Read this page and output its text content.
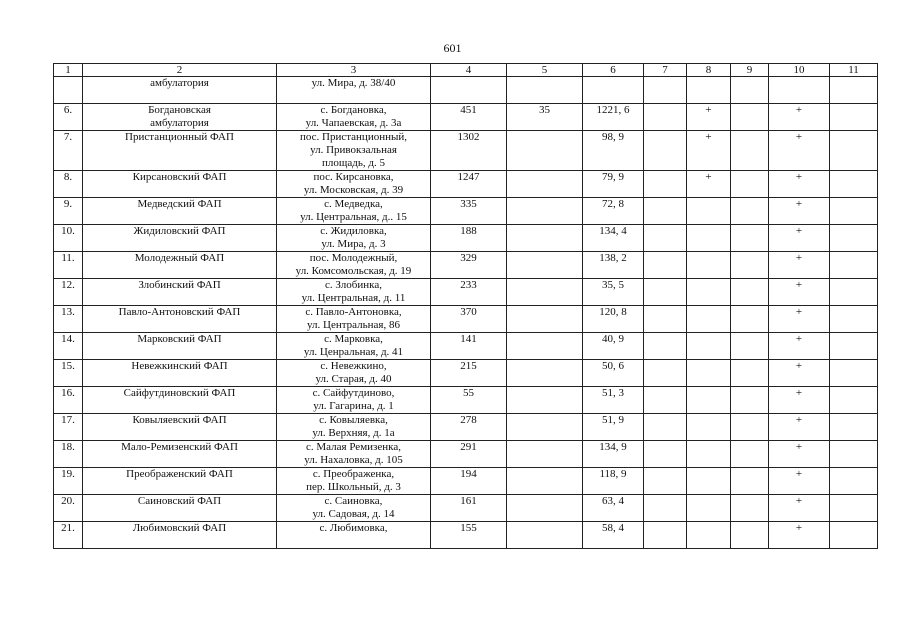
601
1	2	3	4	5	6	7	8	9	10	11

	амбулатория	ул. Мира, д. 38/40								

6.	Богдановская
амбулатория	с. Богдановка,
ул. Чапаевская, д. 3а	451	35	1221, 6		+		+	
7.	Пристанционный ФАП	пос. Пристанционный,
ул. Привокзальная
площадь, д. 5	1302		98, 9		+		+	
8.	Кирсановский ФАП	пос. Кирсановка,
ул. Московская, д. 39	1247		79, 9		+		+	
9.	Медведский ФАП	с. Медведка,
ул. Центральная, д.. 15	335		72, 8				+	
10.	Жидиловский ФАП	с. Жидиловка,
ул. Мира, д. 3	188		134, 4				+	
11.	Молодежный ФАП	пос. Молодежный,
ул. Комсомольская, д. 19	329		138, 2				+	
12.	Злобинский ФАП	с. Злобинка,
ул. Центральная, д. 11	233		35, 5				+	
13.	Павло-Антоновский ФАП	с. Павло-Антоновка,
ул. Центральная, 86	370		120, 8				+	
14.	Марковский ФАП	с. Марковка,
ул. Ценральная, д. 41	141		40, 9				+	
15.	Невежкинский ФАП	с. Невежкино,
ул. Старая, д. 40	215		50, 6				+	
16.	Сайфутдиновский ФАП	с. Сайфутдиново,
ул. Гагарина, д. 1	55		51, 3				+	
17.	Ковыляевский ФАП	с. Ковыляевка,
ул. Верхняя, д. 1а	278		51, 9				+	
18.	Мало-Ремизенский ФАП	с. Малая Ремизенка,
ул. Нахаловка, д. 105	291		134, 9				+	
19.	Преображенский ФАП	с. Преображенка,
пер. Школьный, д. 3	194		118, 9				+	
20.	Саиновский ФАП	с. Саиновка,
ул. Садовая, д. 14	161		63, 4				+	
21.	Любимовский ФАП	с. Любимовка,	155		58, 4				+	
